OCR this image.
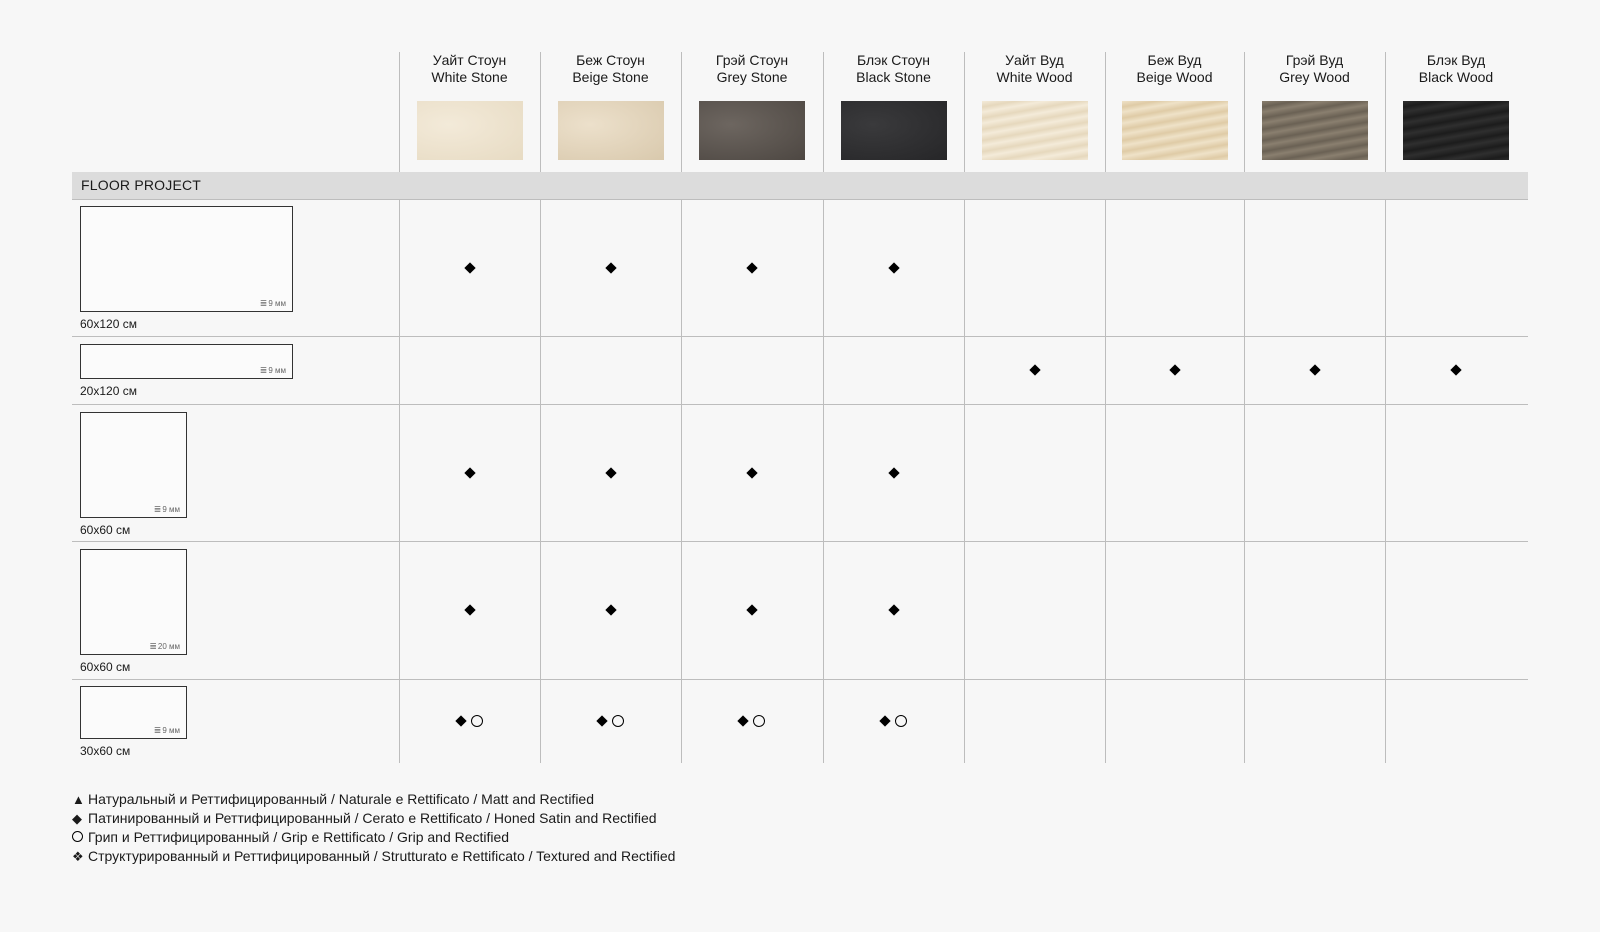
Уайт Стоун
White Stone
Беж Стоун
Beige Stone
Грэй Стоун
Grey Stone
Блэк Стоун
Black Stone
Уайт Вуд
White Wood
Беж Вуд
Beige Wood
Грэй Вуд
Grey Wood
Блэк Вуд
Black Wood
FLOOR PROJECT
≣9 мм
60x120 см
≣9 мм
20x120 см
≣9 мм
60x60 см
≣20 мм
60x60 см
≣9 мм
30x60 см
▲ Натуральный и Реттифицированный / Naturale e Rettificato / Matt and Rectified
◆ Патинированный и Реттифицированный / Cerato e Rettificato / Honed Satin and Rectified
Грип и Реттифицированный / Grip e Rettificato / Grip and Rectified
❖ Структурированный и Реттифицированный / Strutturato e Rettificato / Textured and Rectified
